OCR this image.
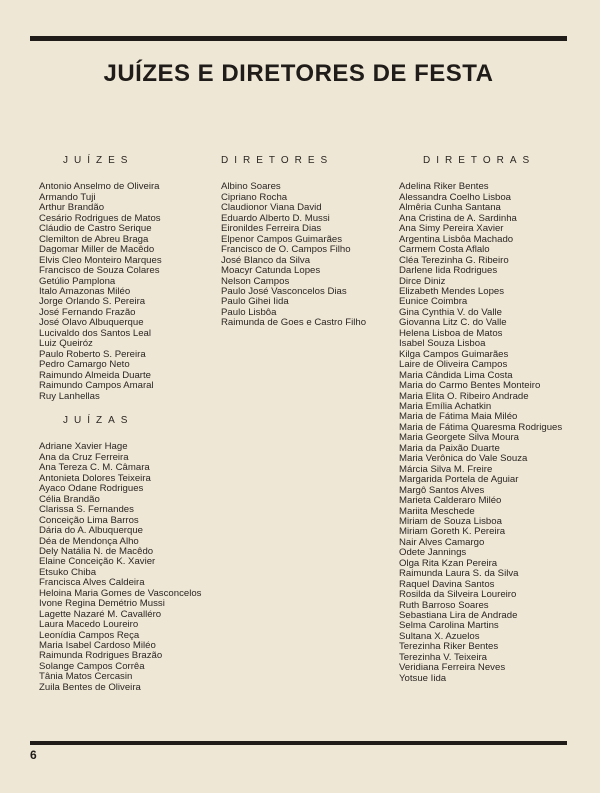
JUÍZES E DIRETORES DE FESTA
JUÍZES
Antonio Anselmo de Oliveira
Armando Tuji
Arthur Brandão
Cesário Rodrigues de Matos
Cláudio de Castro Serique
Clemilton de Abreu Braga
Dagomar Miller de Macêdo
Elvis Cleo Monteiro Marques
Francisco de Souza Colares
Getúlio Pamplona
Italo Amazonas Miléo
Jorge Orlando S. Pereira
José Fernando Frazão
José Olavo Albuquerque
Lucivaldo dos Santos Leal
Luiz Queiróz
Paulo Roberto S. Pereira
Pedro Camargo Neto
Raimundo Almeida Duarte
Raimundo Campos Amaral
Ruy Lanhellas
JUÍZAS
Adriane Xavier Hage
Ana da Cruz Ferreira
Ana Tereza C. M. Câmara
Antonieta Dolores Teixeira
Ayaco Odane Rodrigues
Célia Brandão
Clarissa S. Fernandes
Conceição Lima Barros
Dária do A. Albuquerque
Déa de Mendonça Alho
Dely Natália N. de Macêdo
Elaine Conceição K. Xavier
Etsuko Chiba
Francisca Alves Caldeira
Heloina Maria Gomes de Vasconcelos
Ivone Regina Demétrio Mussi
Lagette Nazaré M. Cavalléro
Laura Macedo Loureiro
Leonídia Campos Reça
Maria Isabel Cardoso Miléo
Raimunda Rodrigues Brazão
Solange Campos Corrêa
Tânia Matos Cercasin
Zuila Bentes de Oliveira
DIRETORES
Albino Soares
Cipriano Rocha
Claudionor Viana David
Eduardo Alberto D. Mussi
Eironildes Ferreira Dias
Elpenor Campos Guimarães
Francisco de O. Campos Filho
José Blanco da Silva
Moacyr Catunda Lopes
Nelson Campos
Paulo José Vasconcelos Dias
Paulo Gihei Iida
Paulo Lisbôa
Raimunda de Goes e Castro Filho
DIRETORAS
Adelina Riker Bentes
Alessandra Coelho Lisboa
Almêria Cunha Santana
Ana Cristina de A. Sardinha
Ana Simy Pereira Xavier
Argentina Lisbôa Machado
Carmem Costa Aflalo
Cléa Terezinha G. Ribeiro
Darlene Iida Rodrigues
Dirce Diniz
Elizabeth Mendes Lopes
Eunice Coimbra
Gina Cynthia V. do Valle
Giovanna Litz C. do Valle
Helena Lisboa de Matos
Isabel Souza Lisboa
Kilga Campos Guimarães
Laire de Oliveira Campos
Maria Cândida Lima Costa
Maria do Carmo Bentes Monteiro
Maria Elita O. Ribeiro Andrade
Maria Emília Achatkin
Maria de Fátima Maia Miléo
Maria de Fátima Quaresma Rodrigues
Maria Georgete Silva Moura
Maria da Paixão Duarte
Maria Verônica do Vale Souza
Márcia Silva M. Freire
Margarida Portela de Aguiar
Margô Santos Alves
Marieta Calderaro Miléo
Mariita Meschede
Miriam de Souza Lisboa
Miriam Goreth K. Pereira
Nair Alves Camargo
Odete Jannings
Olga Rita Kzan Pereira
Raimunda Laura S. da Silva
Raquel Davina Santos
Rosilda da Silveira Loureiro
Ruth Barroso Soares
Sebastiana Lira de Andrade
Selma Carolina Martins
Sultana X. Azuelos
Terezinha Riker Bentes
Terezinha V. Teixeira
Veridiana Ferreira Neves
Yotsue Iida
6
